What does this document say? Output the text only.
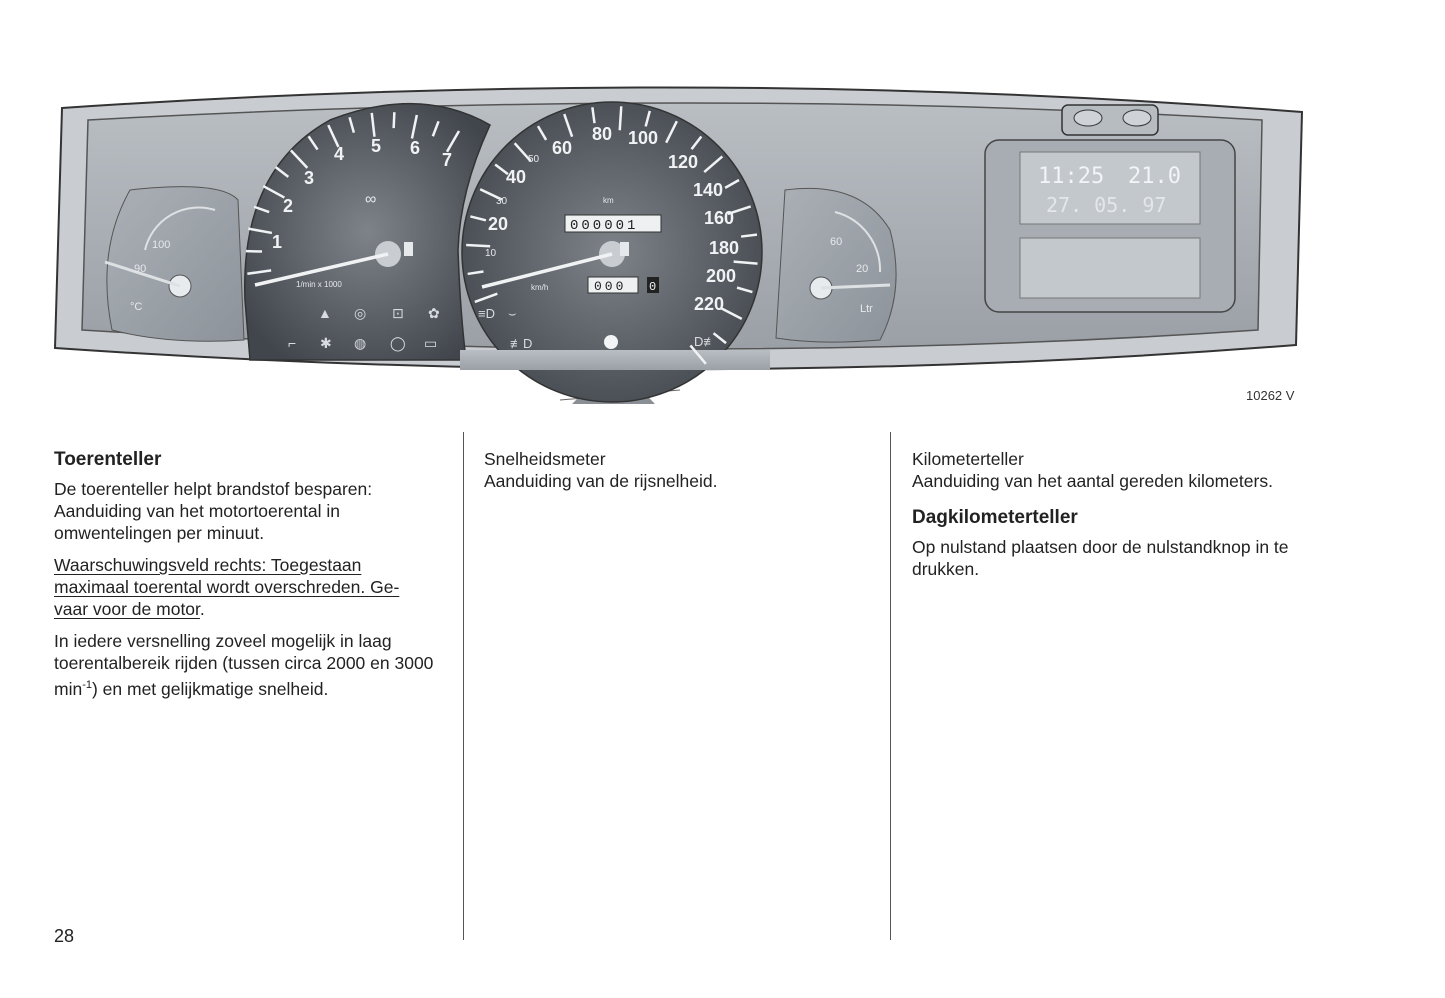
100
90
°C
60
20
Ltr
1
2
3
4 5 6
7
1/min x 1000
∞
▲ ◎ ⊡ ✿
⌐ ✱ ◍ ◯ ▭
20
40
60
80 100
120
140
160
180
200
220
10
30
50
km
000001
000 0
km/h
≡D ⌣
≢D	D≢
11:25 21.0
27. 05. 97
10262 V
Toerenteller

De toerenteller helpt brandstof besparen: Aanduiding van het motortoerental in omwentelingen per minuut.

Waarschuwingsveld rechts: Toegestaan
maximaal toerental wordt overschreden. Ge-
vaar voor de motor.

In iedere versnelling zoveel mogelijk in laag toerentalbereik rijden (tussen circa 2000 en 3000 $\min^{-1}$) en met gelijkmatige snelheid.

Snelheidsmeter
Aanduiding van de rijsnelheid.
Kilometerteller

Aanduiding van het aantal gereden kilometers.

Dagkilometerteller

Op nulstand plaatsen door de nulstandknop in te drukken.

28
